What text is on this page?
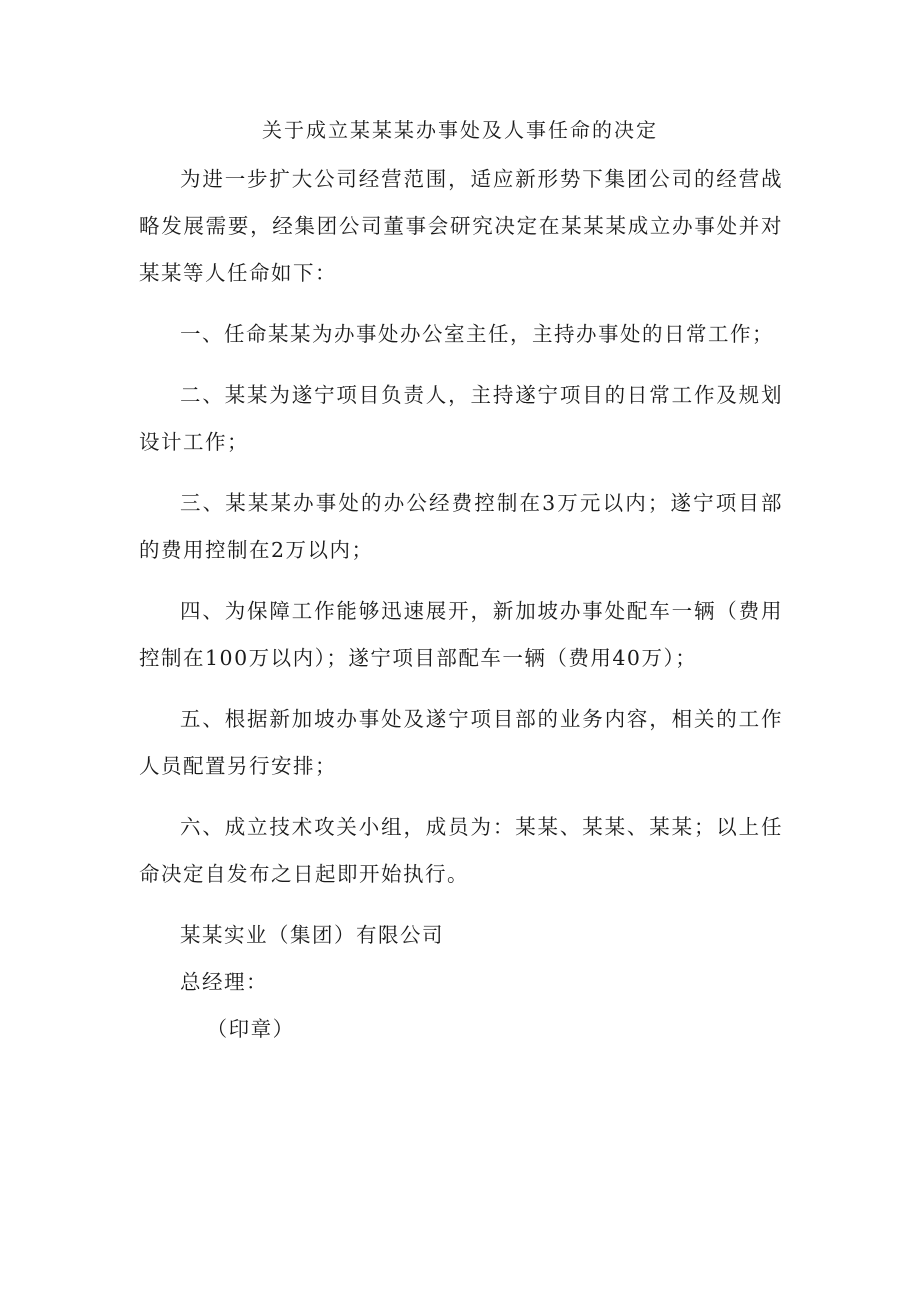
关于成立某某某办事处及人事任命的决定

为进一步扩大公司经营范围，适应新形势下集团公司的经营战略发展需要，经集团公司董事会研究决定在某某某成立办事处并对某某等人任命如下：

一、任命某某为办事处办公室主任，主持办事处的日常工作；

二、某某为遂宁项目负责人，主持遂宁项目的日常工作及规划设计工作；

三、某某某办事处的办公经费控制在3万元以内；遂宁项目部的费用控制在2万以内；

四、为保障工作能够迅速展开，新加坡办事处配车一辆（费用控制在100万以内）；遂宁项目部配车一辆（费用40万）；

五、根据新加坡办事处及遂宁项目部的业务内容，相关的工作人员配置另行安排；

六、成立技术攻关小组，成员为：某某、某某、某某；以上任命决定自发布之日起即开始执行。

某某实业（集团）有限公司

总经理：

（印章）
